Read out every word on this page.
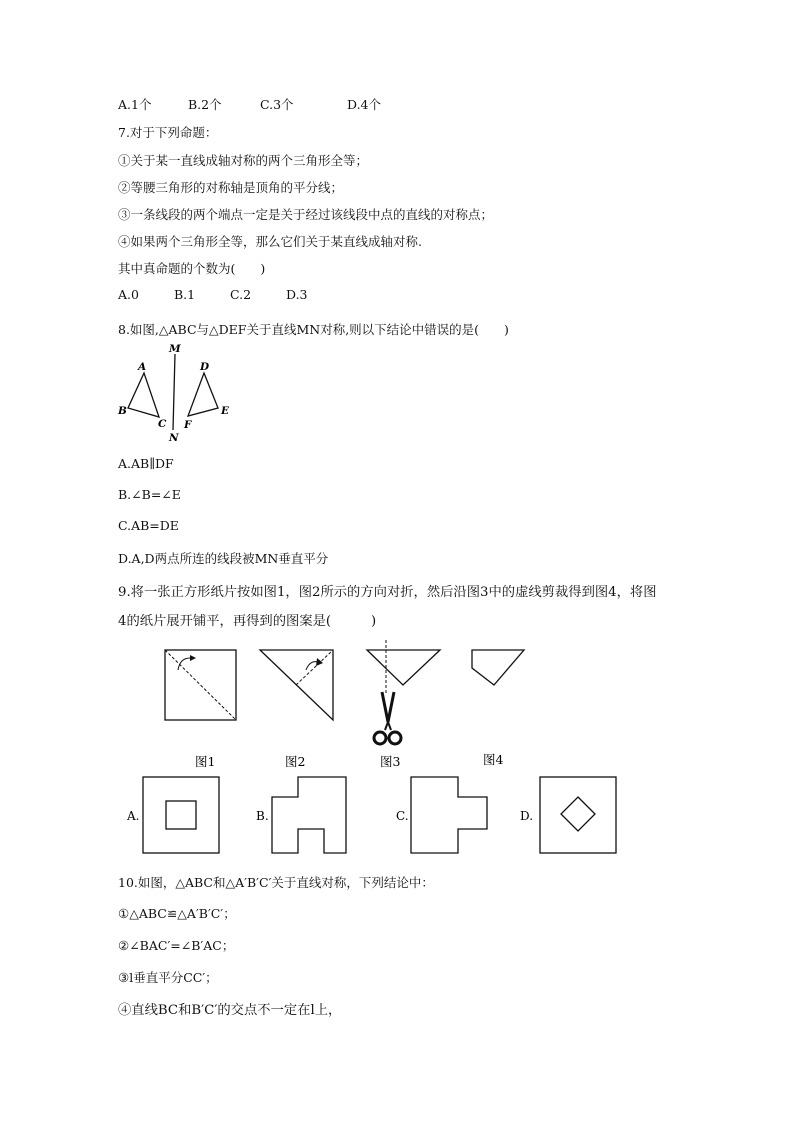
A.1个	B.2个	C.3个	D.4个
7.对于下列命题：
①关于某一直线成轴对称的两个三角形全等；
②等腰三角形的对称轴是顶角的平分线；
③一条线段的两个端点一定是关于经过该线段中点的直线的对称点；
④如果两个三角形全等，那么它们关于某直线成轴对称.
其中真命题的个数为(　　)
A.0	B.1	C.2	D.3
8.如图,△ABC与△DEF关于直线MN对称,则以下结论中错误的是(　　)
M
N
A
B
C
D
E
F
A.AB∥DF
B.∠B=∠E
C.AB=DE
D.A,D两点所连的线段被MN垂直平分
9.将一张正方形纸片按如图1，图2所示的方向对折，然后沿图3中的虚线剪裁得到图4，将图
4的纸片展开铺平，再得到的图案是(　　　)
图1	图2	图3	图4
A.	B.	C.	D.
10.如图，△ABC和△A′B′C′关于直线对称，下列结论中：
①△ABC≌△A′B′C′；
②∠BAC′=∠B′AC；
③l垂直平分CC′；
④直线BC和B′C′的交点不一定在l上，
